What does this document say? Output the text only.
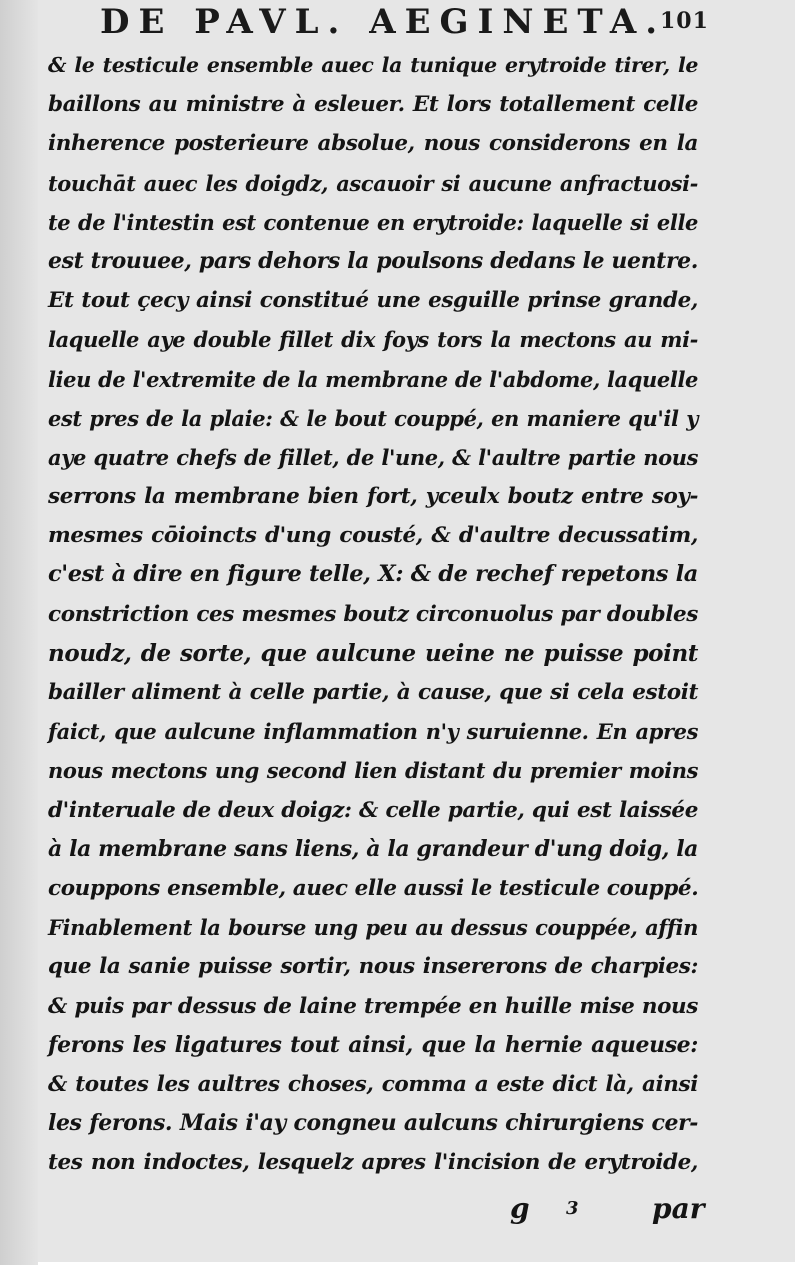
DE PAVL. AEGINETA.
101
& le testicule ensemble auec la tunique erytroide tirer, le
baillons au ministre à esleuer. Et lors totallement celle
inherence posterieure absolue, nous considerons en la
touchāt auec les doigdz, ascauoir si aucune anfractuosi-
te de l'intestin est contenue en erytroide: laquelle si elle
est trouuee, pars dehors la poulsons dedans le uentre.
Et tout çecy ainsi constitué une esguille prinse grande,
laquelle aye double fillet dix foys tors la mectons au mi-
lieu de l'extremite de la membrane de l'abdome, laquelle
est pres de la plaie: & le bout couppé, en maniere qu'il y
aye quatre chefs de fillet, de l'une, & l'aultre partie nous
serrons la membrane bien fort, yceulx boutz entre soy-
mesmes cōioincts d'ung cousté, & d'aultre decussatim,
c'est à dire en figure telle, X: & de rechef repetons la
constriction ces mesmes boutz circonuolus par doubles
noudz, de sorte, que aulcune ueine ne puisse point
bailler aliment à celle partie, à cause, que si cela estoit
faict, que aulcune inflammation n'y suruienne. En apres
nous mectons ung second lien distant du premier moins
d'interuale de deux doigz: & celle partie, qui est laissée
à la membrane sans liens, à la grandeur d'ung doig, la
couppons ensemble, auec elle aussi le testicule couppé.
Finablement la bourse ung peu au dessus couppée, affin
que la sanie puisse sortir, nous insererons de charpies:
& puis par dessus de laine trempée en huille mise nous
ferons les ligatures tout ainsi, que la hernie aqueuse:
& toutes les aultres choses, comma a este dict là, ainsi
les ferons. Mais i'ay congneu aulcuns chirurgiens cer-
tes non indoctes, lesquelz apres l'incision de erytroide,
g 3	par
